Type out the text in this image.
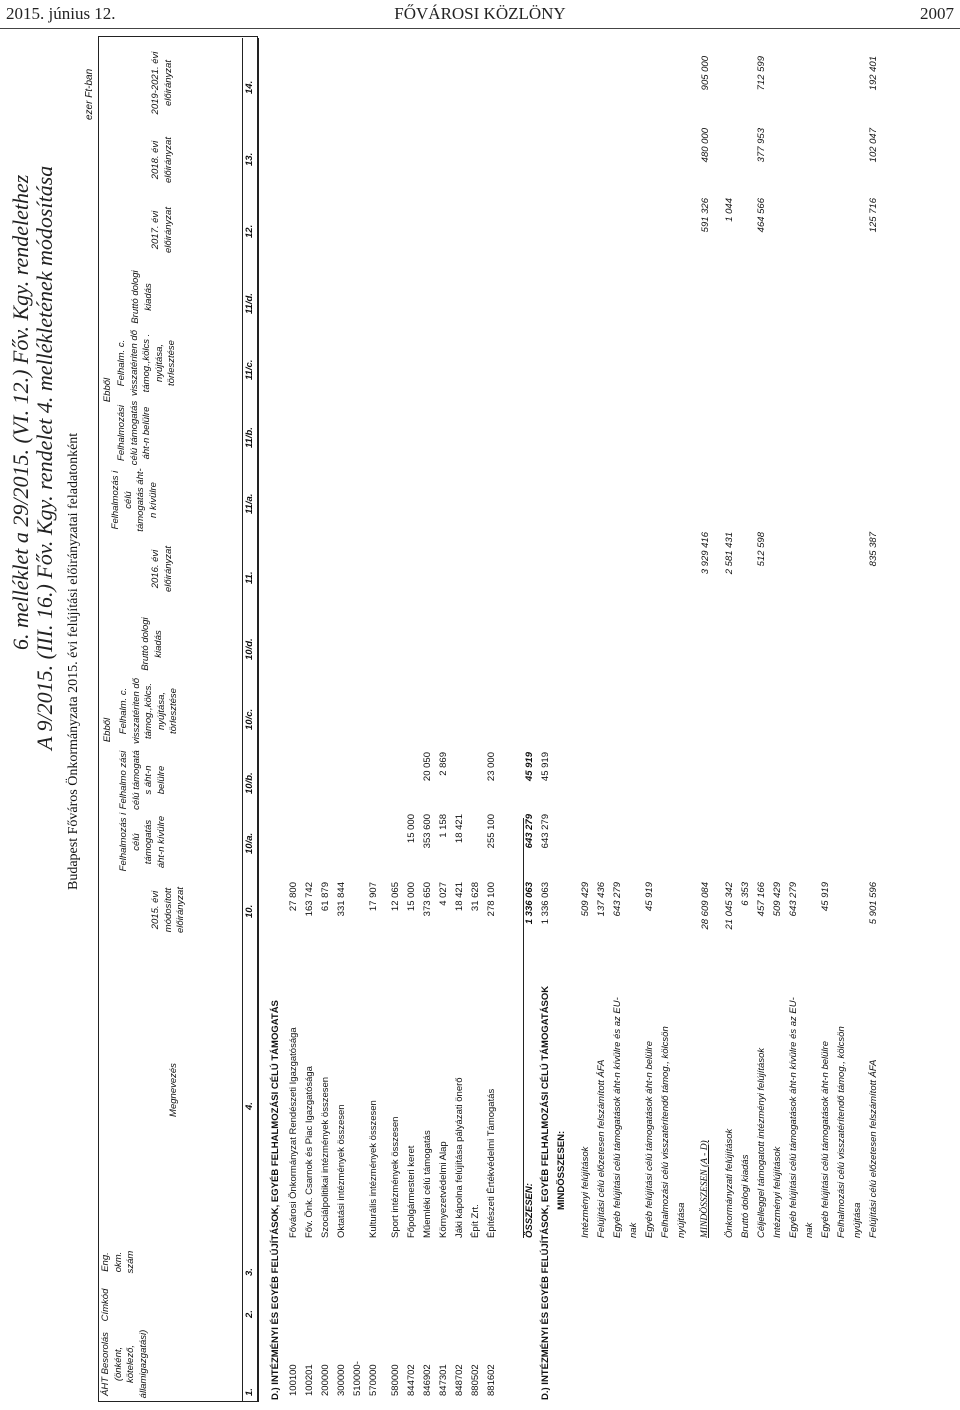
2015. június 12.	FŐVÁROSI KÖZLÖNY	2007
6. melléklet a 29/2015. (VI. 12.) Főv. Kgy. rendelethez A 9/2015. (III. 16.) Főv. Kgy. rendelet 4. mellékletének módosítása Budapest Főváros Önkormányzata 2015. évi felújítási előirányzatai feladatonként
ezer Ft-ban
ÁHT Besorolás (önként, kötelező, államigazgatási)
Címkód
Eng. okm. szám
Megnevezés
2015. évi módosított előirányzat
Ebből
Felhalmozás i célú támogatás áht-n kívülre
Felhalmo zási célú támogatá s áht-n belülre
Felhalm. c. visszatériten dő támog.,kölcs. nyújtása, törlesztése
Bruttó dologi kiadás
2016. évi előirányzat
Ebből
Felhalmozás i célú támogatás áht-n kívülre
Felhalmozási célú támogatás áht-n belülre
Felhalm. c. visszatériten dő támog.,kölcs . nyújtása, törlesztése
Bruttó dologi kiadás
2017. évi előirányzat
2018. évi előirányzat
2019-2021. évi előirányzat
1.
2.
3.
4.
10.
10/a.
10/b.
10/c.
10/d.
11.
11/a.
11/b.
11/c.
11/d.
12.
13.
14.
D.) INTÉZMÉNYI ÉS EGYÉB FELÚJÍTÁSOK, EGYÉB FELHALMOZÁSI CÉLÚ TÁMOGATÁS 100100
Fővárosi Önkormányzat Rendészeti Igazgatósága
27 800
100201
Főv. Önk. Csarnok és Piac Igazgatósága
163 742
200000
Szociálpolitikai intézmények összesen
61 879
300000
Oktatási intézmények összesen
331 844
510000- 570000
Kulturális intézmények összesen
17 907
580000
Sport intézmények összesen
12 065
844702
Főpolgármesteri keret
15 000
15 000
846902
Műemléki célú támogatás
373 650
353 600
20 050
847301
Környezetvédelmi Alap
4 027
1 158
2 869
848702
Jáki kápolna felújítása pályázati önerő
18 421
18 421
880502
Épít Zrt.
31 628
881602
Építészeti Értékvédelmi Támogatás
278 100
255 100
23 000
ÖSSZESEN:
1 336 063
643 279
45 919
D.) INTÉZMÉNYI ÉS EGYÉB FELÚJÍTÁSOK, EGYÉB FELHALMOZÁSI CÉLÚ TÁMOGATÁSOK MINDÖSSZESEN:
1 336 063
643 279
45 919
Intézményi felújítások
509 429
Felújítási célú előzetesen felszámított ÁFA
137 436
Egyéb felújítási célú támogatások áht-n kívülre és az EU-
643 279
nak Egyéb felújítási célú támogatások áht-n belülre
45 919
Felhalmozási célú visszatérítendő támog., kölcsön nyújtása MINDÖSSZESEN (A - D)
28 609 084
3 929 416
591 326
480 000
905 000
Önkormányzati felújítások
21 045 342
2 581 431
1 044
Bruttó dologi kiadás
6 353
Céljelleggel támogatott intézményi felújítások
457 166
512 598
464 566
377 953
712 599
Intézményi felújítások
509 429
Egyéb felújítási célú támogatások áht-n kívülre és az EU-
643 279
nak Egyéb felújítási célú támogatások áht-n belülre
45 919
Felhalmozási célú visszatérítendő támog., kölcsön nyújtása Felújítási célú előzetesen felszámított ÁFA
5 901 596
835 387
125 716
102 047
192 401
